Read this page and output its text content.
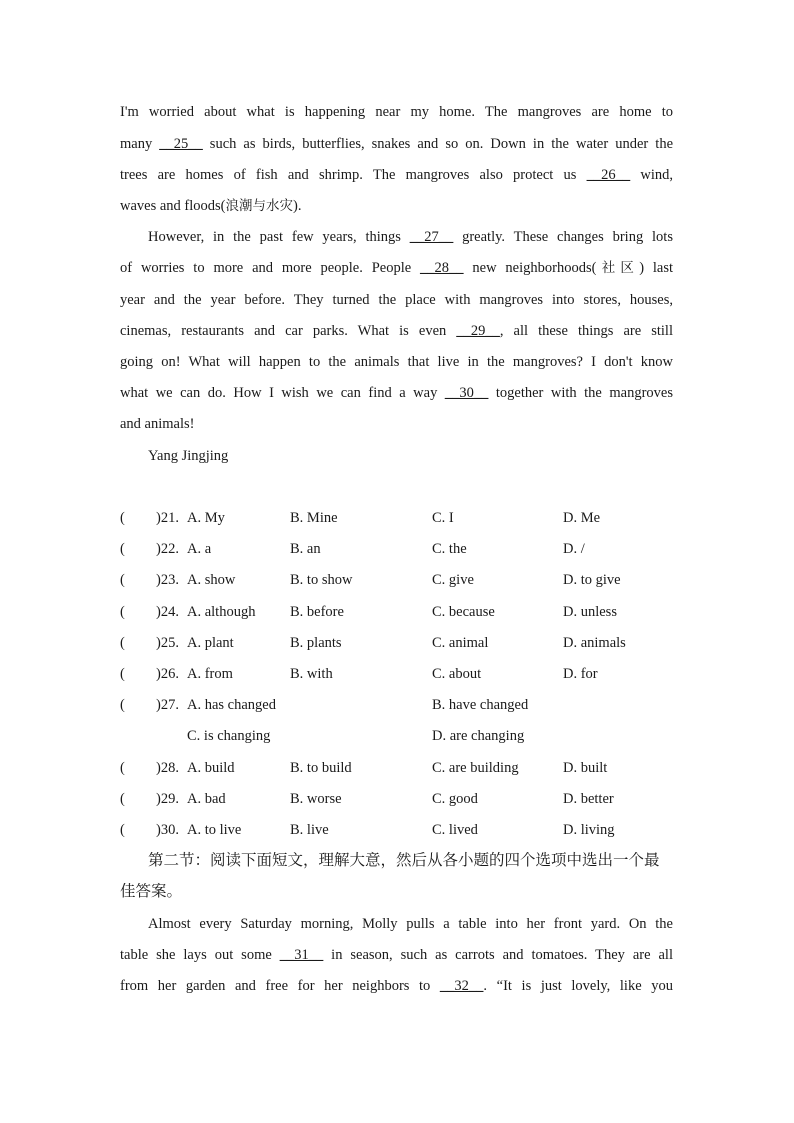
I'm worried about what is happening near my home. The mangroves are home to
many __25__ such as birds, butterflies, snakes and so on. Down in the water under the
trees are homes of fish and shrimp. The mangroves also protect us __26__ wind,
waves and floods(浪潮与水灾).
However, in the past few years, things __27__ greatly. These changes bring lots
of worries to more and more people. People __28__ new neighborhoods(社区) last
year and the year before. They turned the place with mangroves into stores, houses,
cinemas, restaurants and car parks. What is even __29__, all these things are still
going on! What will happen to the animals that live in the mangroves? I don't know
what we can do. How I wish we can find a way __30__ together with the mangroves
and animals!
Yang Jingjing
( )21. A. My	B. Mine	C. I	D. Me
( )22. A. a	B. an	C. the	D. /
( )23. A. show	B. to show	C. give	D. to give
( )24. A. although B. before	C. because	D. unless
( )25. A. plant	B. plants	C. animal	D. animals
( )26. A. from	B. with	C. about	D. for
( )27. A. has changed	B. have changed
C. is changing	D. are changing
( )28. A. build	B. to build	C. are building	D. built
( )29. A. bad	B. worse	C. good	D. better
( )30. A. to live	B. live	C. lived	D. living
第二节：阅读下面短文，理解大意，然后从各小题的四个选项中选出一个最佳答案。
Almost every Saturday morning, Molly pulls a table into her front yard. On the
table she lays out some __31__ in season, such as carrots and tomatoes. They are all
from her garden and free for her neighbors to __32__. “It is just lovely, like you
